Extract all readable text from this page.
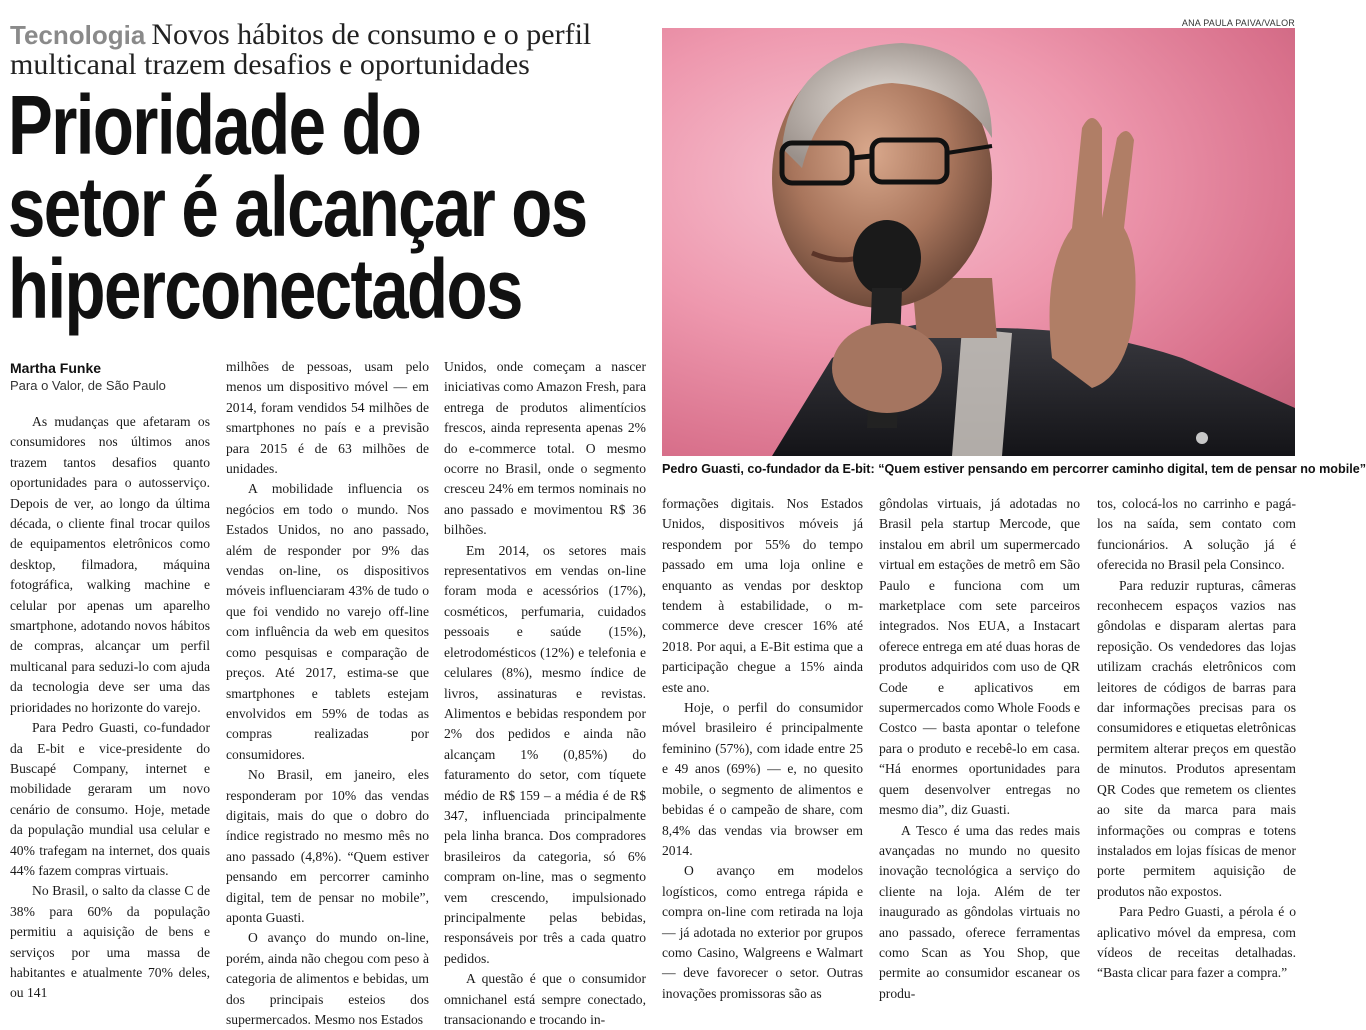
Tecnologia Novos hábitos de consumo e o perfil multicanal trazem desafios e oportunidades
Prioridade do
setor é alcançar os
hiperconectados
Martha Funke
Para o Valor, de São Paulo

As mudanças que afetaram os consumidores nos últimos anos trazem tantos desafios quanto oportunidades para o autosserviço. Depois de ver, ao longo da última década, o cliente final trocar quilos de equipamentos eletrônicos como desktop, filmadora, máquina fotográfica, walking machine e celular por apenas um aparelho smartphone, adotando novos hábitos de compras, alcançar um perfil multicanal para seduzi-lo com ajuda da tecnologia deve ser uma das prioridades no horizonte do varejo.

Para Pedro Guasti, co-fundador da E-bit e vice-presidente do Buscapé Company, internet e mobilidade geraram um novo cenário de consumo. Hoje, metade da população mundial usa celular e 40% trafegam na internet, dos quais 44% fazem compras virtuais.

No Brasil, o salto da classe C de 38% para 60% da população permitiu a aquisição de bens e serviços por uma massa de habitantes e atualmente 70% deles, ou 141

milhões de pessoas, usam pelo menos um dispositivo móvel — em 2014, foram vendidos 54 milhões de smartphones no país e a previsão para 2015 é de 63 milhões de unidades.

A mobilidade influencia os negócios em todo o mundo. Nos Estados Unidos, no ano passado, além de responder por 9% das vendas on-line, os dispositivos móveis influenciaram 43% de tudo o que foi vendido no varejo off-line com influência da web em quesitos como pesquisas e comparação de preços. Até 2017, estima-se que smartphones e tablets estejam envolvidos em 59% de todas as compras realizadas por consumidores.

No Brasil, em janeiro, eles responderam por 10% das vendas digitais, mais do que o dobro do índice registrado no mesmo mês no ano passado (4,8%). “Quem estiver pensando em percorrer caminho digital, tem de pensar no mobile”, aponta Guasti.

O avanço do mundo on-line, porém, ainda não chegou com peso à categoria de alimentos e bebidas, um dos principais esteios dos supermercados. Mesmo nos Estados

Unidos, onde começam a nascer iniciativas como Amazon Fresh, para entrega de produtos alimentícios frescos, ainda representa apenas 2% do e-commerce total. O mesmo ocorre no Brasil, onde o segmento cresceu 24% em termos nominais no ano passado e movimentou R$ 36 bilhões.

Em 2014, os setores mais representativos em vendas on-line foram moda e acessórios (17%), cosméticos, perfumaria, cuidados pessoais e saúde (15%), eletrodomésticos (12%) e telefonia e celulares (8%), mesmo índice de livros, assinaturas e revistas. Alimentos e bebidas respondem por 2% dos pedidos e ainda não alcançam 1% (0,85%) do faturamento do setor, com tíquete médio de R$ 159 – a média é de R$ 347, influenciada principalmente pela linha branca. Dos compradores brasileiros da categoria, só 6% compram on-line, mas o segmento vem crescendo, impulsionado principalmente pelas bebidas, responsáveis por três a cada quatro pedidos.

A questão é que o consumidor omnichanel está sempre conectado, transacionando e trocando in-

ANA PAULA PAIVA/VALOR
Pedro Guasti, co-fundador da E-bit: “Quem estiver pensando em percorrer caminho digital, tem de pensar no mobile”

formações digitais. Nos Estados Unidos, dispositivos móveis já respondem por 55% do tempo passado em uma loja online e enquanto as vendas por desktop tendem à estabilidade, o m-commerce deve crescer 16% até 2018. Por aqui, a E-Bit estima que a participação chegue a 15% ainda este ano.

Hoje, o perfil do consumidor móvel brasileiro é principalmente feminino (57%), com idade entre 25 e 49 anos (69%) — e, no quesito mobile, o segmento de alimentos e bebidas é o campeão de share, com 8,4% das vendas via browser em 2014.

O avanço em modelos logísticos, como entrega rápida e compra on-line com retirada na loja — já adotada no exterior por grupos como Casino, Walgreens e Walmart — deve favorecer o setor. Outras inovações promissoras são as

gôndolas virtuais, já adotadas no Brasil pela startup Mercode, que instalou em abril um supermercado virtual em estações de metrô em São Paulo e funciona com um marketplace com sete parceiros integrados. Nos EUA, a Instacart oferece entrega em até duas horas de produtos adquiridos com uso de QR Code e aplicativos em supermercados como Whole Foods e Costco — basta apontar o telefone para o produto e recebê-lo em casa. “Há enormes oportunidades para quem desenvolver entregas no mesmo dia”, diz Guasti.

A Tesco é uma das redes mais avançadas no mundo no quesito inovação tecnológica a serviço do cliente na loja. Além de ter inaugurado as gôndolas virtuais no ano passado, oferece ferramentas como Scan as You Shop, que permite ao consumidor escanear os produ-

tos, colocá-los no carrinho e pagá-los na saída, sem contato com funcionários. A solução já é oferecida no Brasil pela Consinco.

Para reduzir rupturas, câmeras reconhecem espaços vazios nas gôndolas e disparam alertas para reposição. Os vendedores das lojas utilizam crachás eletrônicos com leitores de códigos de barras para dar informações precisas para os consumidores e etiquetas eletrônicas permitem alterar preços em questão de minutos. Produtos apresentam QR Codes que remetem os clientes ao site da marca para mais informações ou compras e totens instalados em lojas físicas de menor porte permitem aquisição de produtos não expostos.

Para Pedro Guasti, a pérola é o aplicativo móvel da empresa, com vídeos de receitas detalhadas. “Basta clicar para fazer a compra.”
